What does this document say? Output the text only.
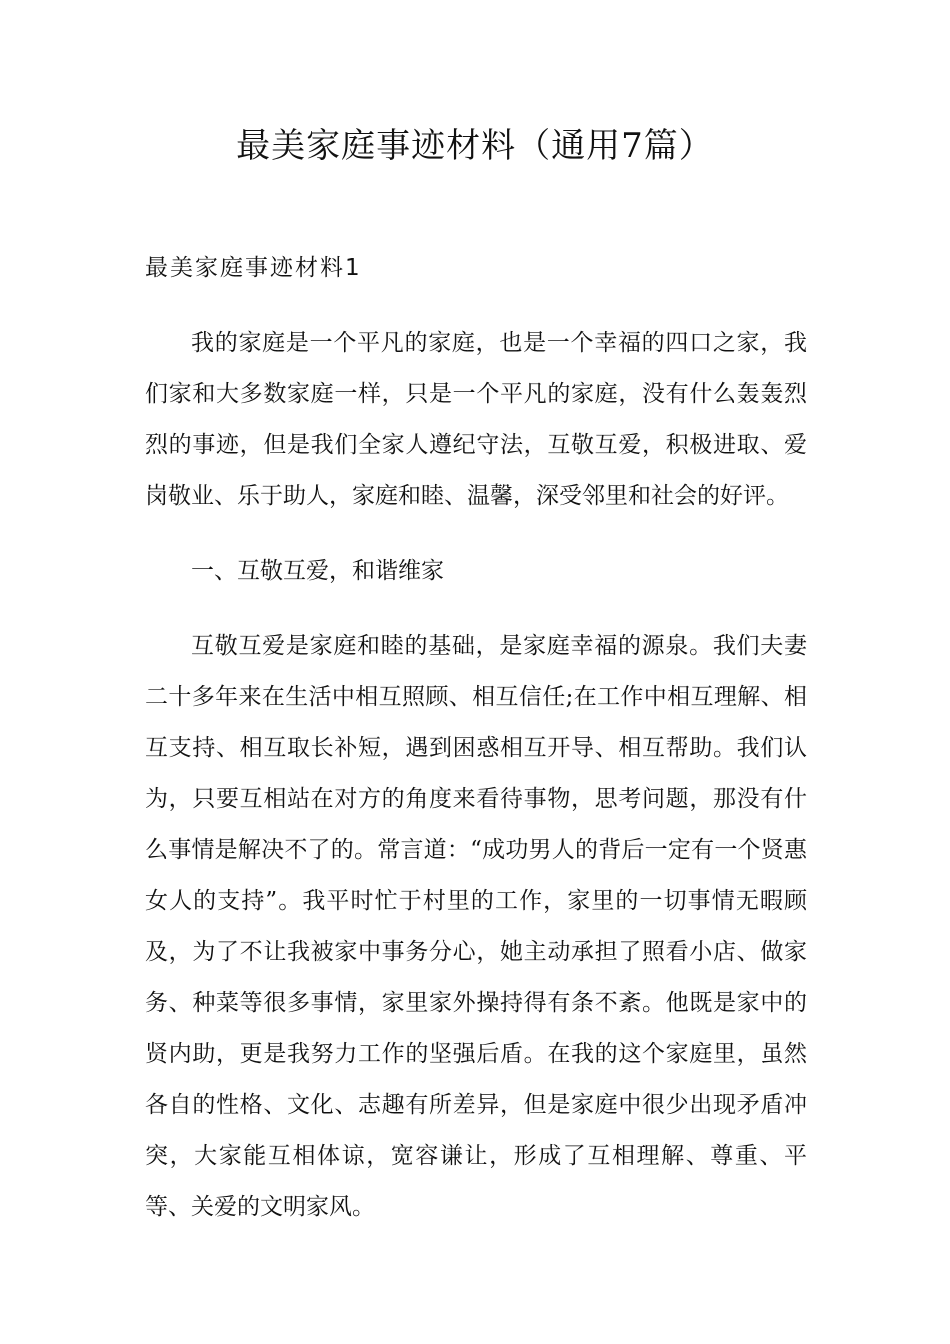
最美家庭事迹材料（通用7篇）
最美家庭事迹材料1

我的家庭是一个平凡的家庭，也是一个幸福的四口之家，我们家和大多数家庭一样，只是一个平凡的家庭，没有什么轰轰烈烈的事迹，但是我们全家人遵纪守法，互敬互爱，积极进取、爱岗敬业、乐于助人，家庭和睦、温馨，深受邻里和社会的好评。

一、互敬互爱，和谐维家

互敬互爱是家庭和睦的基础，是家庭幸福的源泉。我们夫妻二十多年来在生活中相互照顾、相互信任;在工作中相互理解、相互支持、相互取长补短，遇到困惑相互开导、相互帮助。我们认为，只要互相站在对方的角度来看待事物，思考问题，那没有什么事情是解决不了的。常言道：“成功男人的背后一定有一个贤惠女人的支持”。我平时忙于村里的工作，家里的一切事情无暇顾及，为了不让我被家中事务分心，她主动承担了照看小店、做家务、种菜等很多事情，家里家外操持得有条不紊。他既是家中的贤内助，更是我努力工作的坚强后盾。在我的这个家庭里，虽然各自的性格、文化、志趣有所差异，但是家庭中很少出现矛盾冲突，大家能互相体谅，宽容谦让，形成了互相理解、尊重、平等、关爱的文明家风。
